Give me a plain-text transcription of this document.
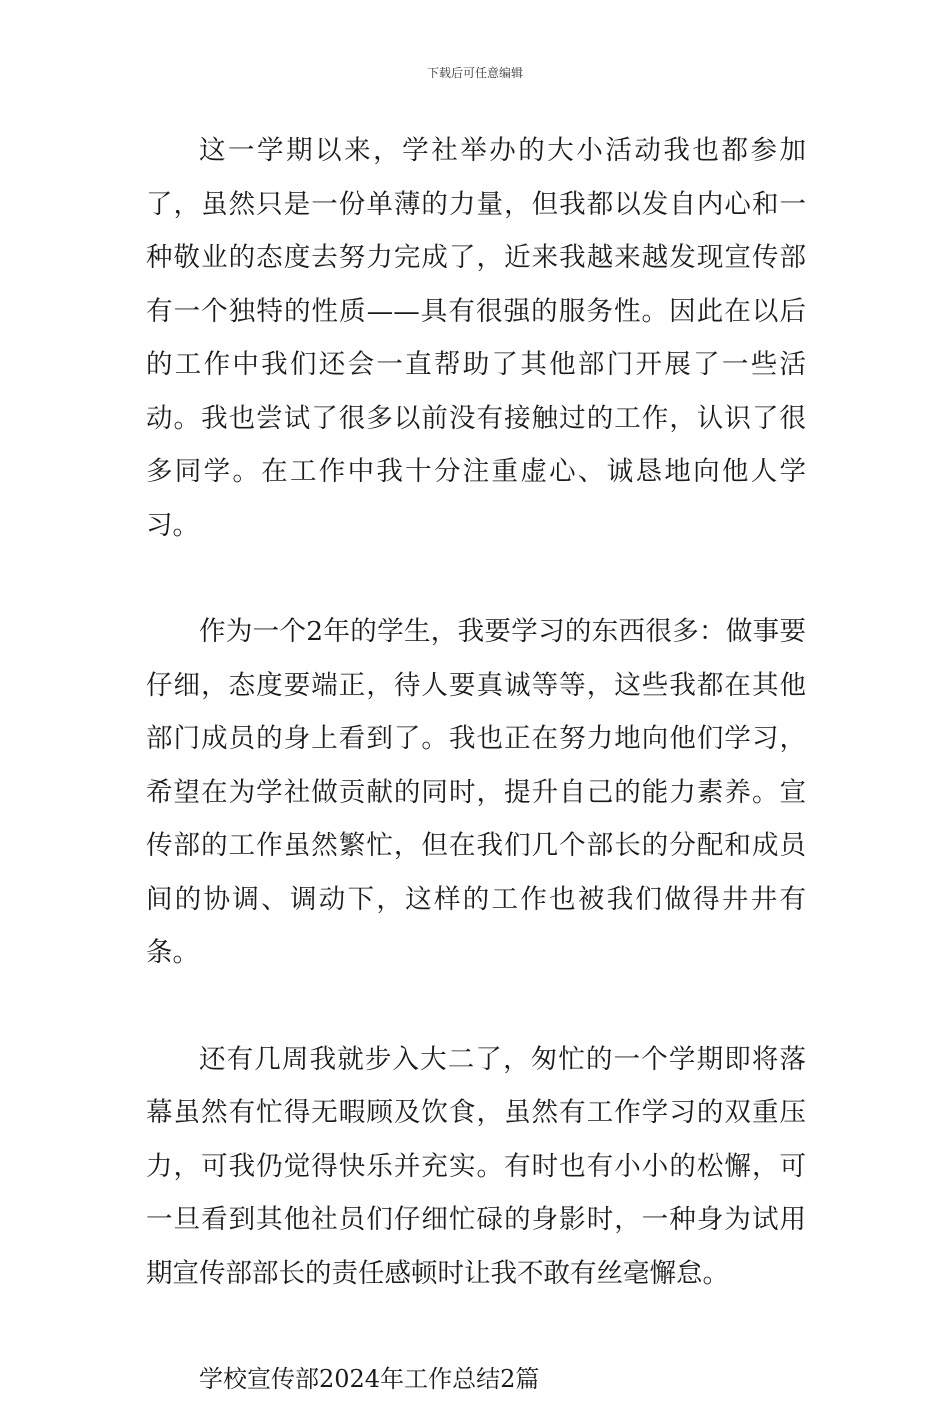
下载后可任意编辑

这一学期以来，学社举办的大小活动我也都参加了，虽然只是一份单薄的力量，但我都以发自内心和一种敬业的态度去努力完成了，近来我越来越发现宣传部有一个独特的性质——具有很强的服务性。因此在以后的工作中我们还会一直帮助了其他部门开展了一些活动。我也尝试了很多以前没有接触过的工作，认识了很多同学。在工作中我十分注重虚心、诚恳地向他人学习。

作为一个2年的学生，我要学习的东西很多：做事要仔细，态度要端正，待人要真诚等等，这些我都在其他部门成员的身上看到了。我也正在努力地向他们学习，希望在为学社做贡献的同时，提升自己的能力素养。宣传部的工作虽然繁忙，但在我们几个部长的分配和成员间的协调、调动下，这样的工作也被我们做得井井有条。

还有几周我就步入大二了，匆忙的一个学期即将落幕虽然有忙得无暇顾及饮食，虽然有工作学习的双重压力，可我仍觉得快乐并充实。有时也有小小的松懈，可一旦看到其他社员们仔细忙碌的身影时，一种身为试用期宣传部部长的责任感顿时让我不敢有丝毫懈怠。

学校宣传部2024年工作总结2篇
